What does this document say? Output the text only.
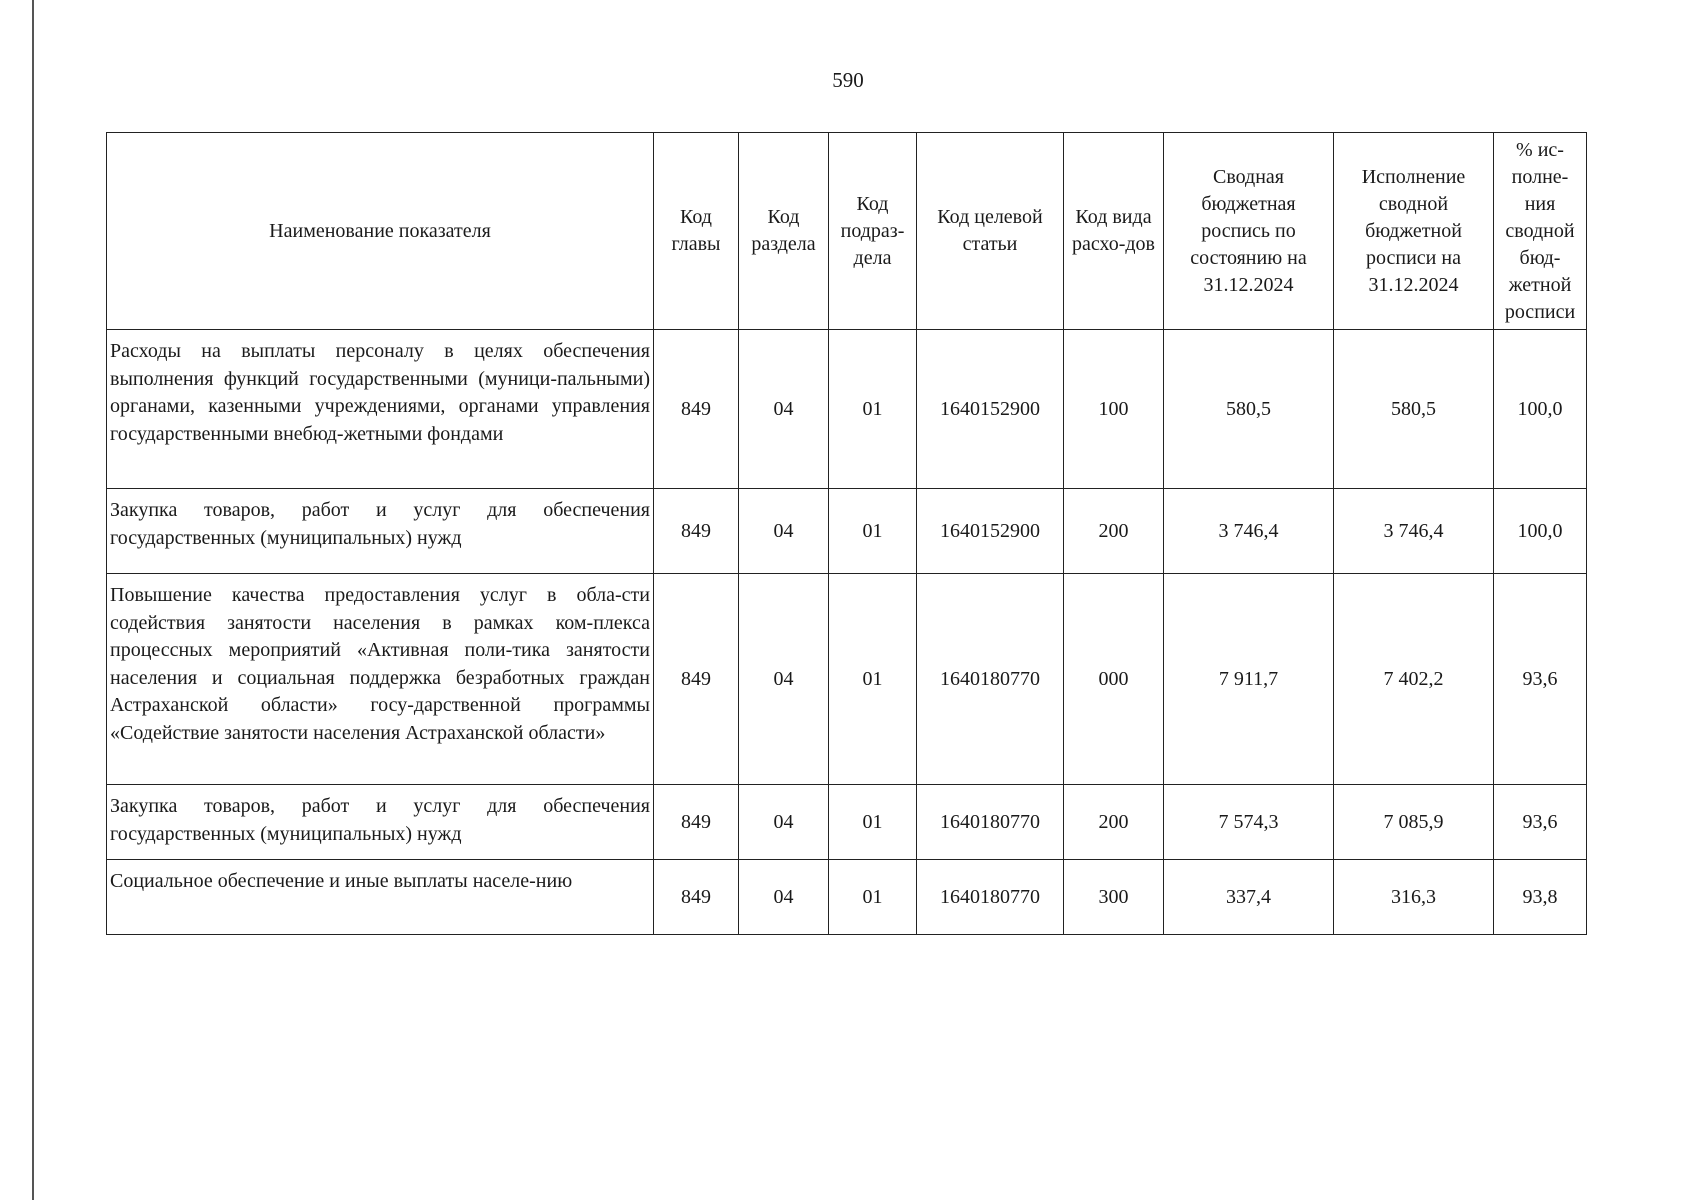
590
Наименование показателя	Код главы	Код раздела	Код подраз-дела	Код целевой статьи	Код вида расхо-дов	Сводная бюджетная роспись по состоянию на 31.12.2024	Исполнение сводной бюджетной росписи на 31.12.2024	% ис-полне-ния сводной бюд-жетной росписи
Расходы на выплаты персоналу в целях обеспечения выполнения функций государственными (муници-пальными) органами, казенными учреждениями, органами управления государственными внебюд-жетными фондами	849	04	01	1640152900	100	580,5	580,5	100,0
Закупка товаров, работ и услуг для обеспечения государственных (муниципальных) нужд	849	04	01	1640152900	200	3 746,4	3 746,4	100,0
Повышение качества предоставления услуг в обла-сти содействия занятости населения в рамках ком-плекса процессных мероприятий «Активная поли-тика занятости населения и социальная поддержка безработных граждан Астраханской области» госу-дарственной программы «Содействие занятости населения Астраханской области»	849	04	01	1640180770	000	7 911,7	7 402,2	93,6
Закупка товаров, работ и услуг для обеспечения государственных (муниципальных) нужд	849	04	01	1640180770	200	7 574,3	7 085,9	93,6
Социальное обеспечение и иные выплаты населе-нию	849	04	01	1640180770	300	337,4	316,3	93,8
